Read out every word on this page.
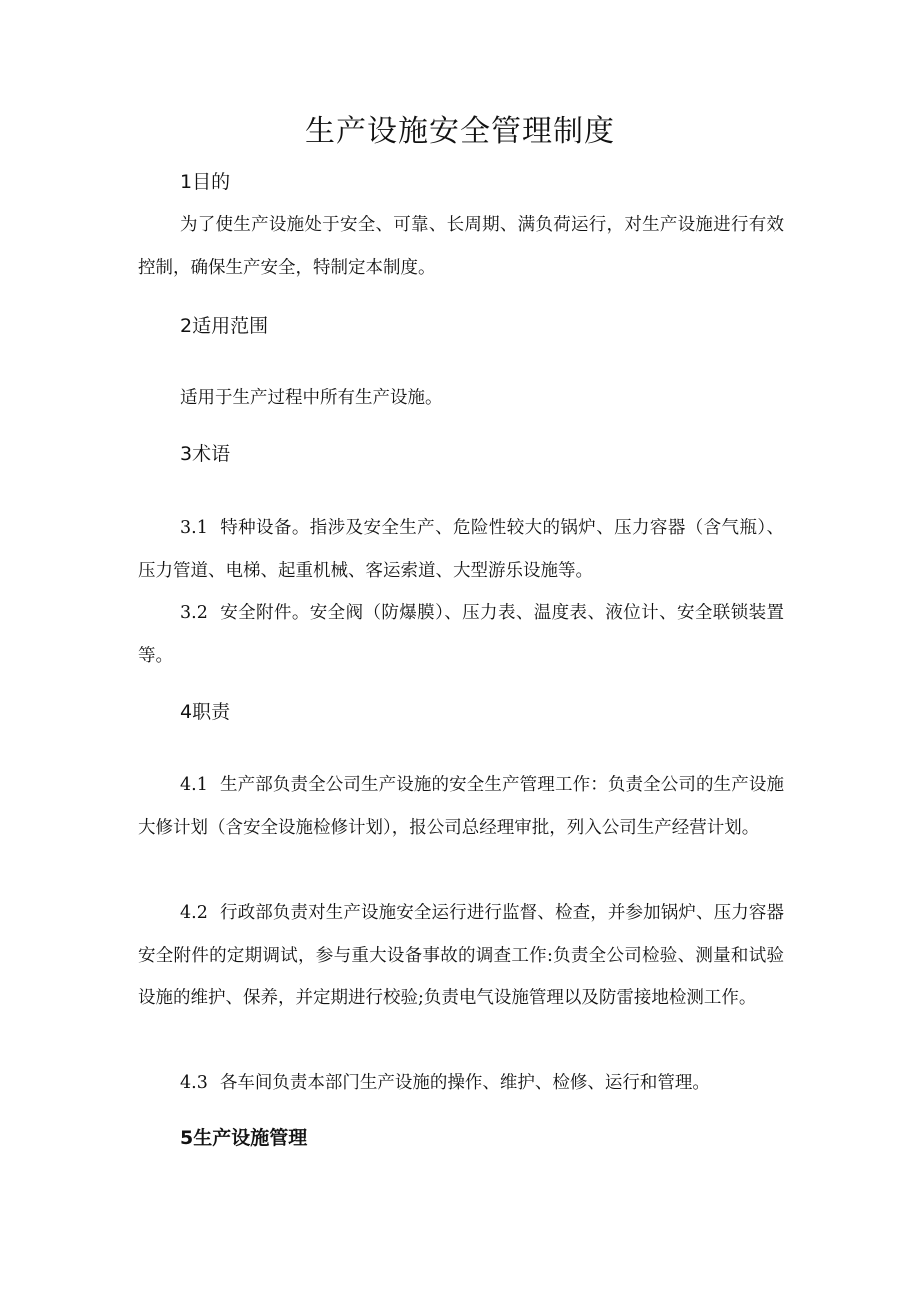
生产设施安全管理制度
1目的

为了使生产设施处于安全、可靠、长周期、满负荷运行，对生产设施进行有效控制，确保生产安全，特制定本制度。

2适用范围

适用于生产过程中所有生产设施。

3术语

3.1 特种设备。指涉及安全生产、危险性较大的锅炉、压力容器（含气瓶）、压力管道、电梯、起重机械、客运索道、大型游乐设施等。

3.2 安全附件。安全阀（防爆膜）、压力表、温度表、液位计、安全联锁装置等。

4职责

4.1 生产部负责全公司生产设施的安全生产管理工作：负责全公司的生产设施大修计划（含安全设施检修计划），报公司总经理审批，列入公司生产经营计划。

4.2 行政部负责对生产设施安全运行进行监督、检查，并参加锅炉、压力容器安全附件的定期调试，参与重大设备事故的调查工作:负责全公司检验、测量和试验设施的维护、保养，并定期进行校验;负责电气设施管理以及防雷接地检测工作。

4.3 各车间负责本部门生产设施的操作、维护、检修、运行和管理。

5生产设施管理
